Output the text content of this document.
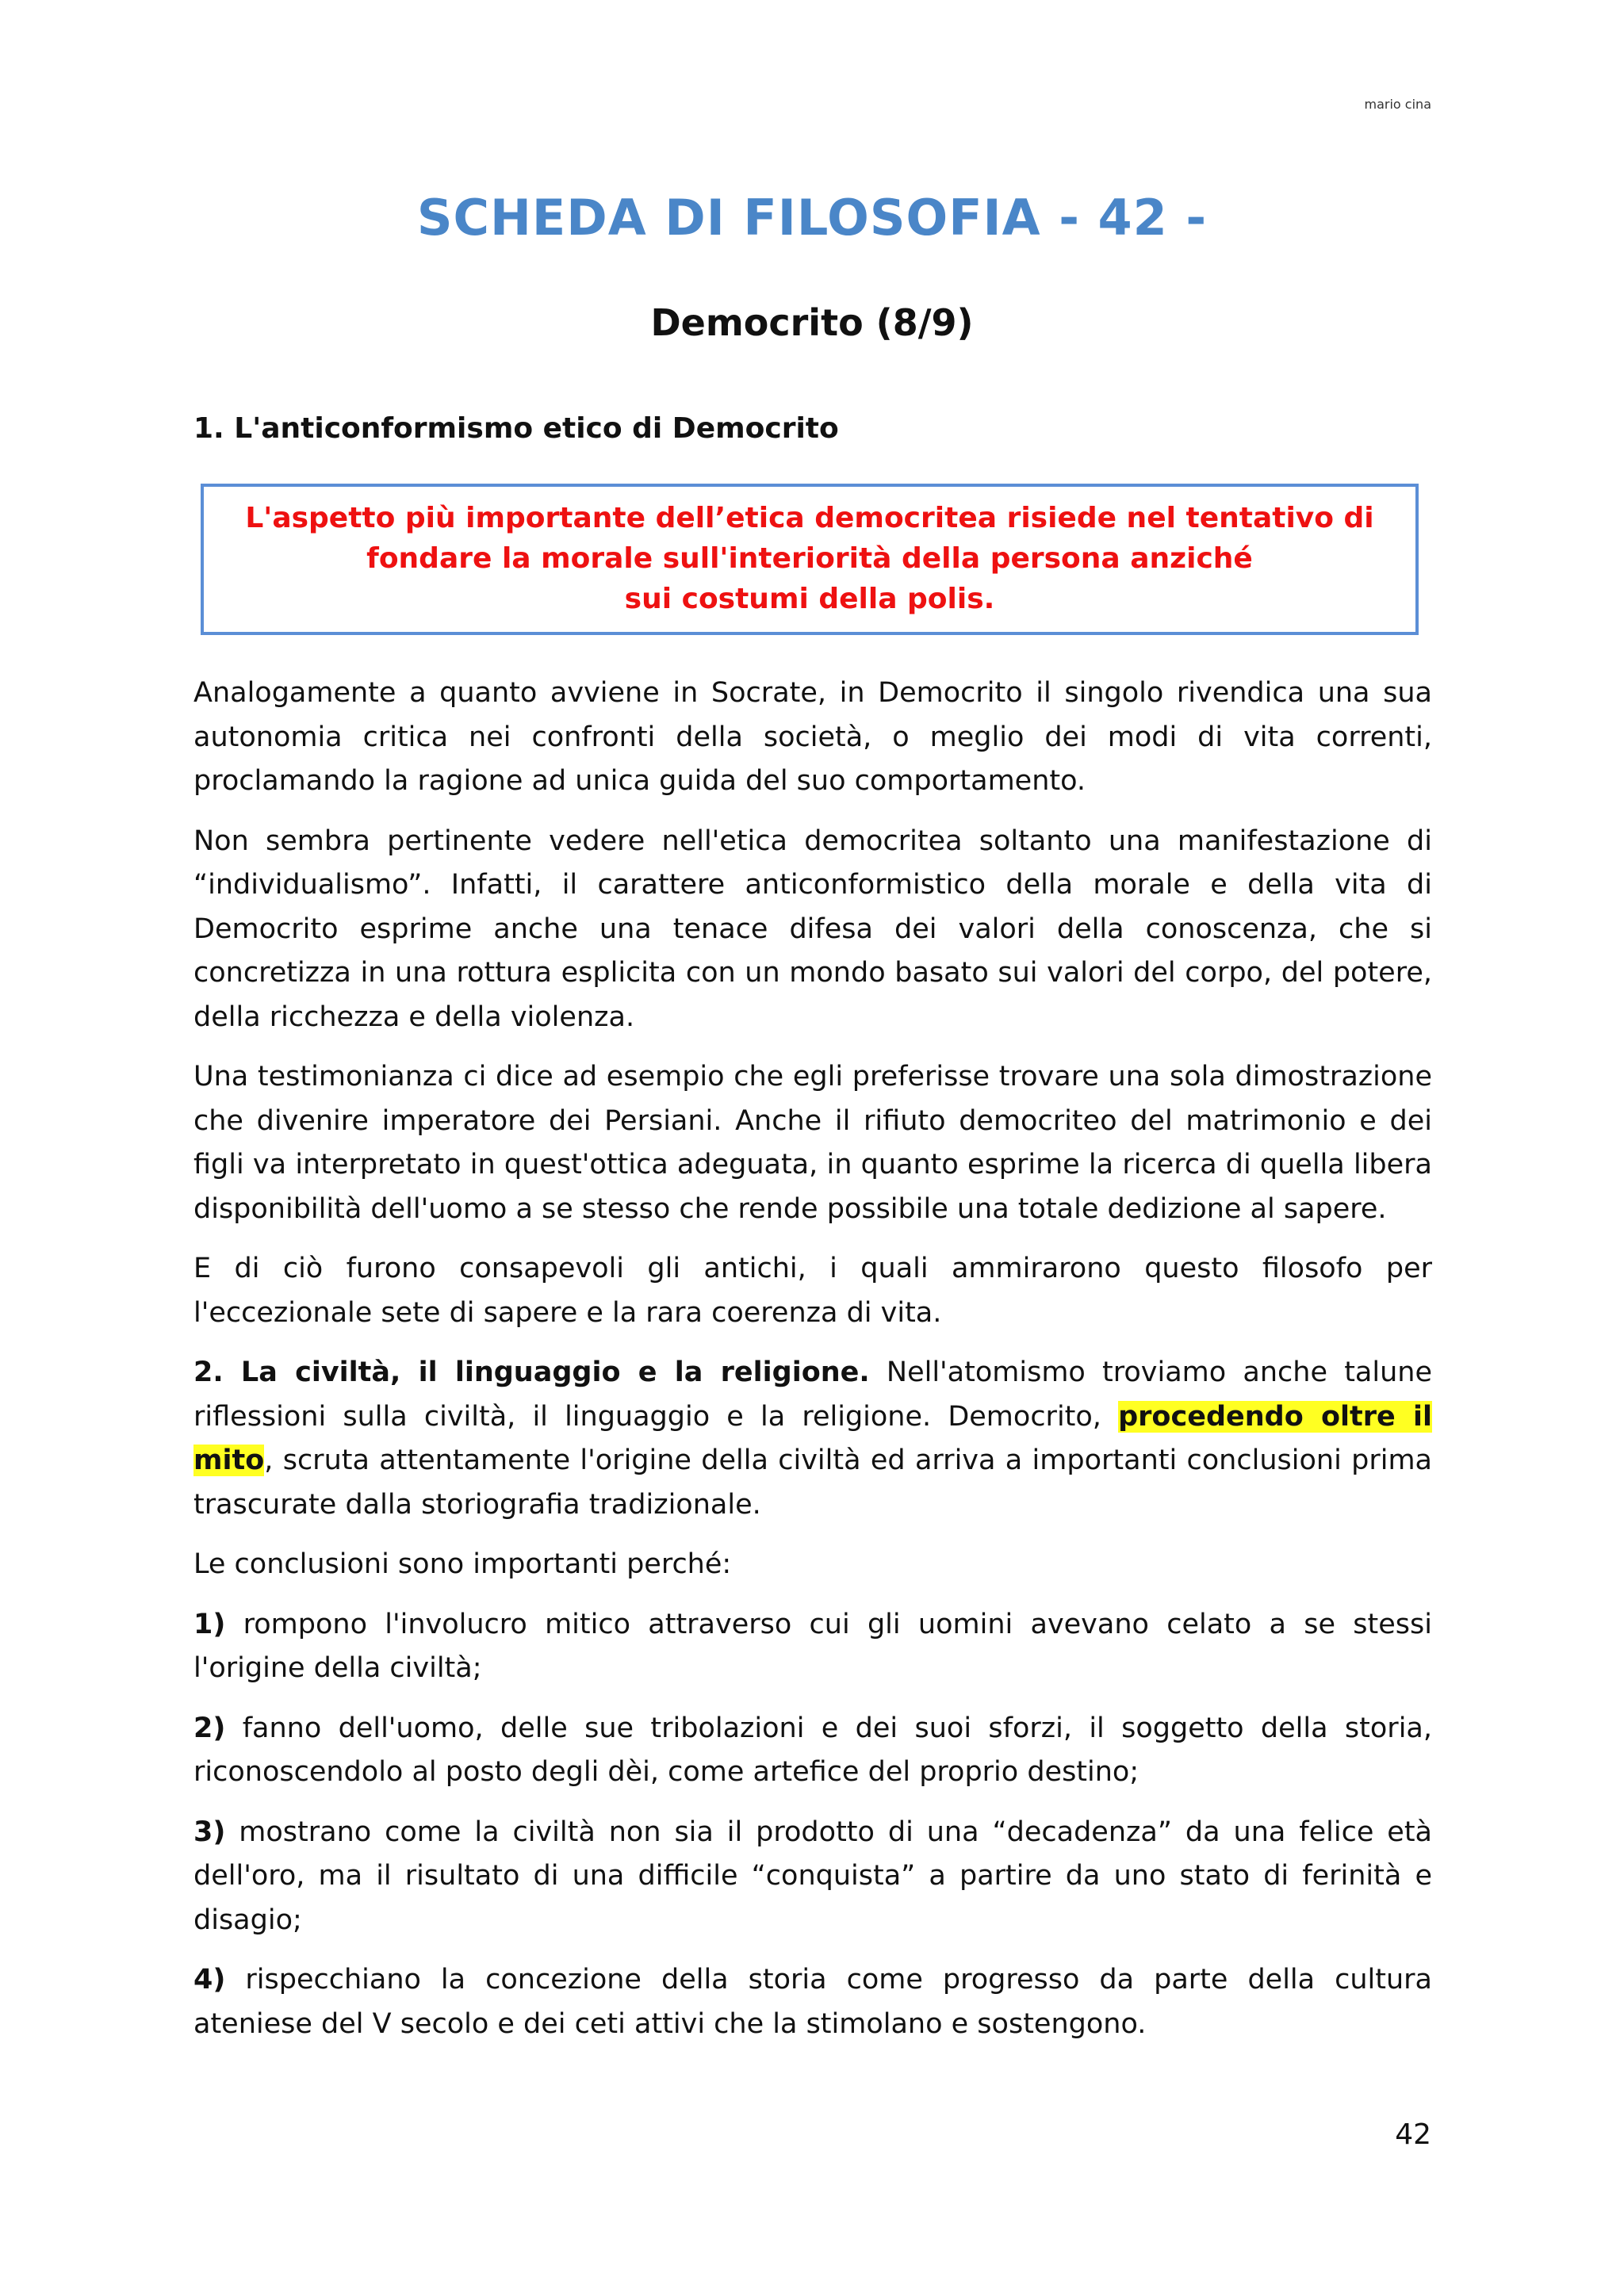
mario cina
SCHEDA DI FILOSOFIA - 42 -
Democrito (8/9)
1. L'anticonformismo etico di Democrito
L'aspetto più importante dell’etica democritea risiede nel tentativo di
fondare la morale sull'interiorità della persona anziché
sui costumi della polis.

Analogamente a quanto avviene in Socrate, in Democrito il singolo rivendica una sua autonomia critica nei confronti della società, o meglio dei modi di vita correnti, proclamando la ragione ad unica guida del suo comportamento.

Non sembra pertinente vedere nell'etica democritea soltanto una manifestazione di “individualismo”. Infatti, il carattere anticonformistico della morale e della vita di Democrito esprime anche una tenace difesa dei valori della conoscenza, che si concretizza in una rottura esplicita con un mondo basato sui valori del corpo, del potere, della ricchezza e della violenza.

Una testimonianza ci dice ad esempio che egli preferisse trovare una sola dimostrazione che divenire imperatore dei Persiani. Anche il rifiuto democriteo del matrimonio e dei figli va interpretato in quest'ottica adeguata, in quanto esprime la ricerca di quella libera disponibilità dell'uomo a se stesso che rende possibile una totale dedizione al sapere.

E di ciò furono consapevoli gli antichi, i quali ammirarono questo filosofo per l'eccezionale sete di sapere e la rara coerenza di vita.

2. La civiltà, il linguaggio e la religione. Nell'atomismo troviamo anche talune riflessioni sulla civiltà, il linguaggio e la religione. Democrito, procedendo oltre il mito, scruta attentamente l'origine della civiltà ed arriva a importanti conclusioni prima trascurate dalla storiografia tradizionale.

Le conclusioni sono importanti perché:

1) rompono l'involucro mitico attraverso cui gli uomini avevano celato a se stessi l'origine della civiltà;

2) fanno dell'uomo, delle sue tribolazioni e dei suoi sforzi, il soggetto della storia, riconoscendolo al posto degli dèi, come artefice del proprio destino;

3) mostrano come la civiltà non sia il prodotto di una “decadenza” da una felice età dell'oro, ma il risultato di una difficile “conquista” a partire da uno stato di ferinità e disagio;

4) rispecchiano la concezione della storia come progresso da parte della cultura ateniese del V secolo e dei ceti attivi che la stimolano e sostengono.

42
